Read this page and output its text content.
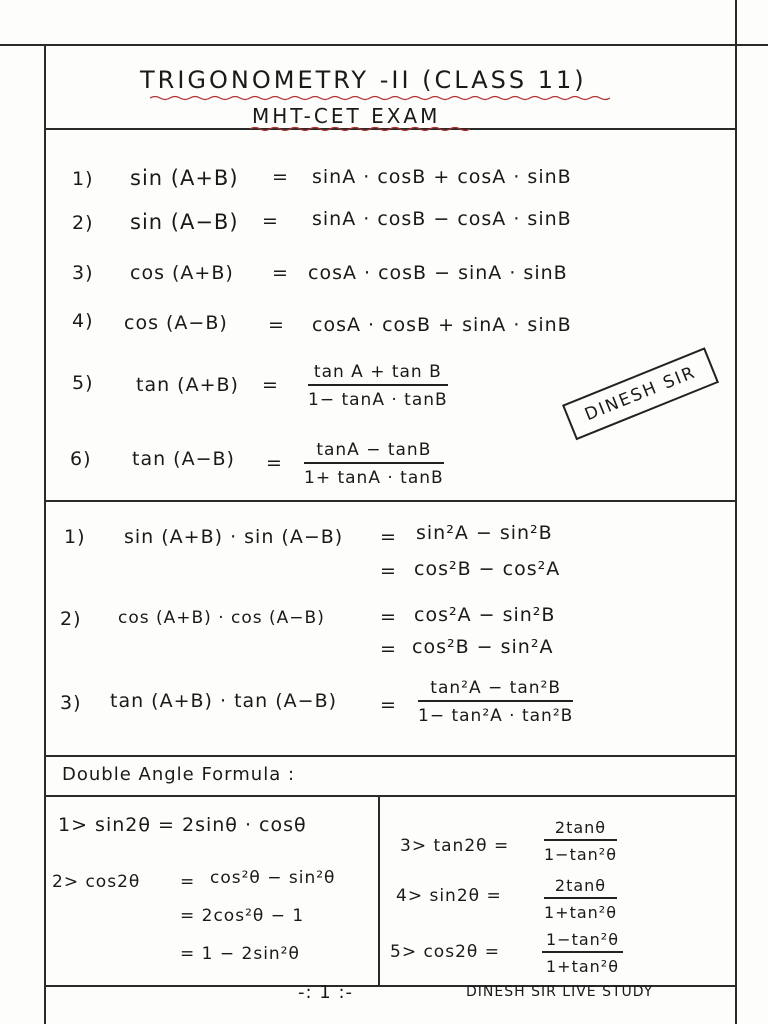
TRIGONOMETRY -II (CLASS 11)
MHT-CET EXAM
1) sin (A+B) = sinA · cosB + cosA · sinB
2) sin (A−B) = sinA · cosB − cosA · sinB
3) cos (A+B) = cosA · cosB − sinA · sinB
4) cos (A−B) = cosA · cosB + sinA · sinB
5) $\tan (A+B) = \frac{\text{tan A + tan B}}{1- \tan A \cdot \tan B}$
6) $\tan (A-B) = \frac{\tan A - \tan B}{1+ \tan A \cdot \tan B}$
DINESH SIR
1) sin (A+B) · sin (A−B) = sin²A − sin²B
= cos²B − cos²A
2) cos (A+B) · cos (A−B)	= cos²A − sin²B
= cos²B − sin²A
3) $\tan (A+B) \cdot \tan (A-B) = \frac{\text{tan²A − tan²B}}{\text{1− tan²A · tan²B}}$
Double Angle Formula :
1> sin2θ = 2sinθ · cosθ
2> cos2θ = cos²θ − sin²θ
= 2cos²θ − 1
= 1 − 2sin²θ
$3> \tan 2\theta = \frac{2\tan\theta}{\text{1−tan²θ}}$
4> sin2θ =	$\frac{2\tan\theta}{\text{1+tan²θ}}$
5> cos2θ =	$\frac{\text{1−tan²θ}}{\text{1+tan²θ}}$
-: 1 :-	DINESH SIR LIVE STUDY
